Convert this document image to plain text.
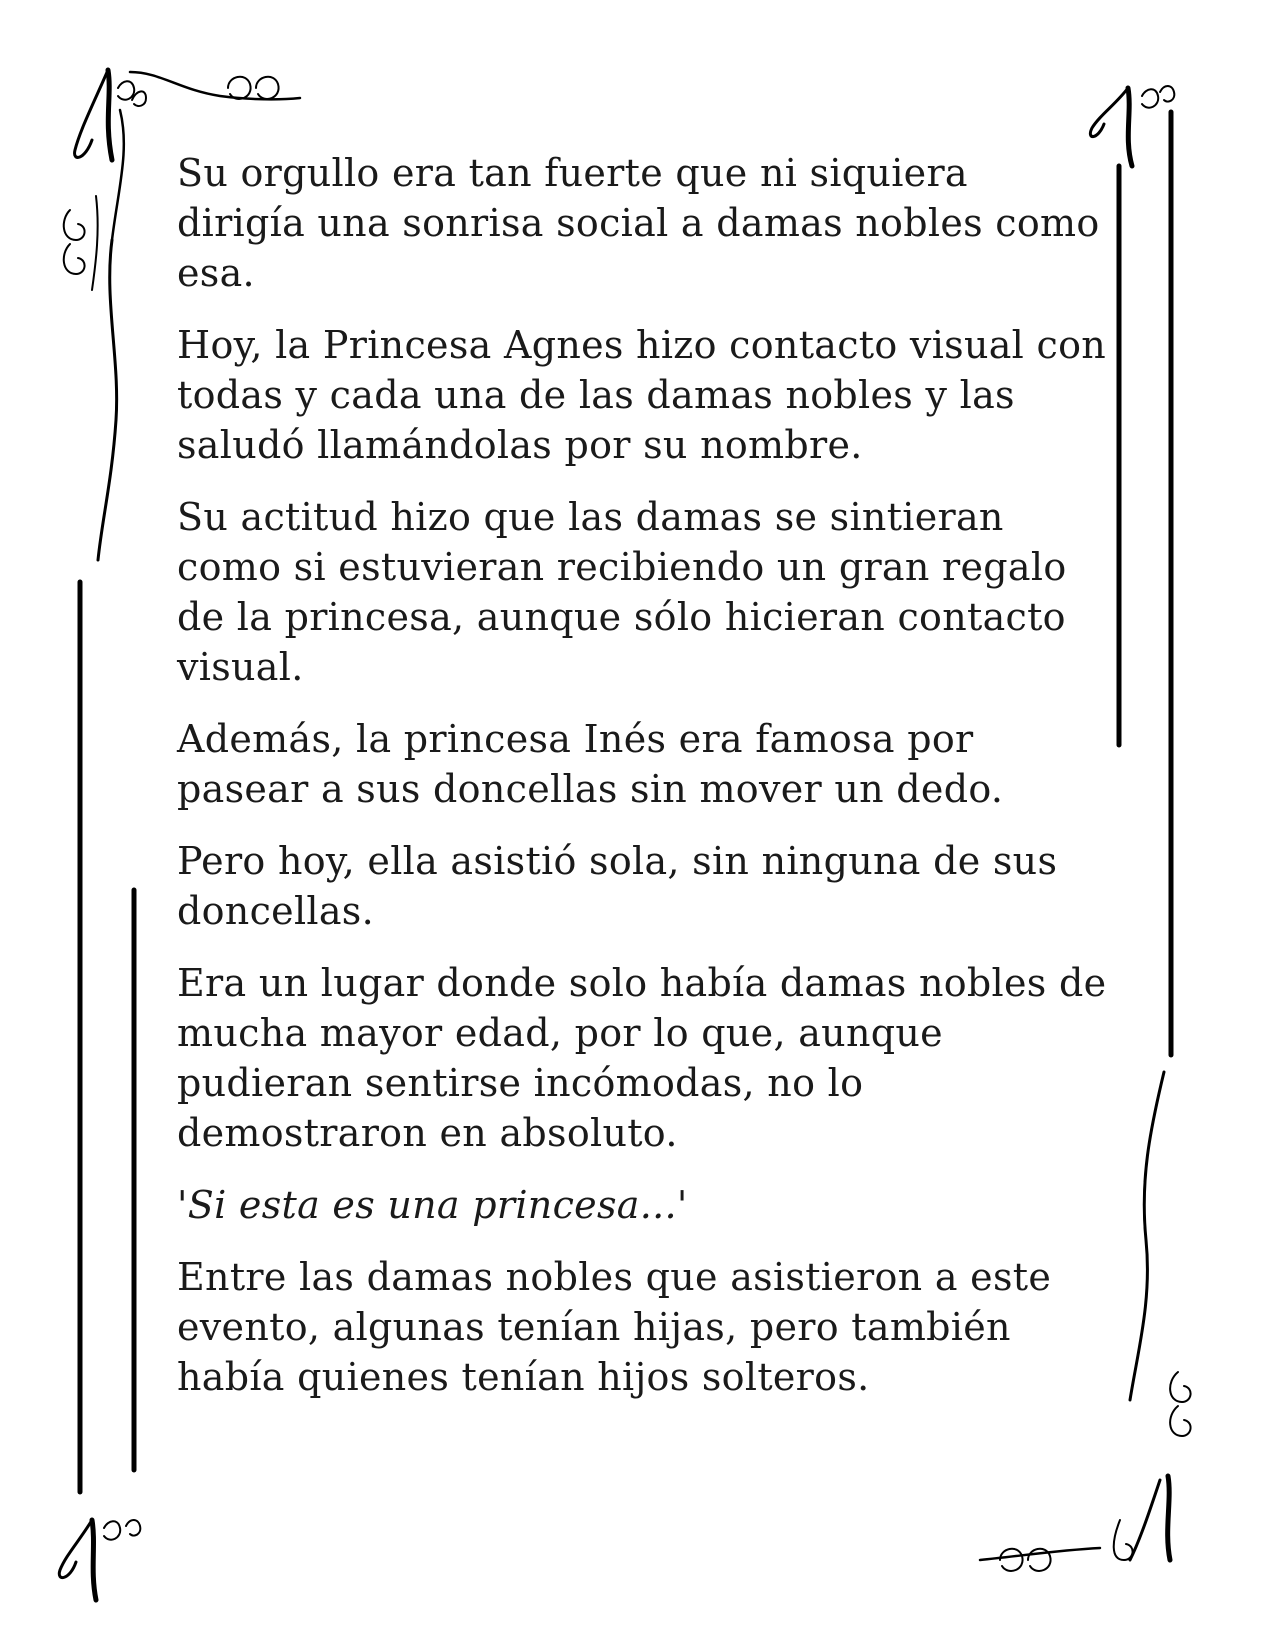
Su orgullo era tan fuerte que ni siquiera dirigía una sonrisa social a damas nobles como esa.

Hoy, la Princesa Agnes hizo contacto visual con todas y cada una de las damas nobles y las saludó llamándolas por su nombre.

Su actitud hizo que las damas se sintieran como si estuvieran recibiendo un gran regalo de la princesa, aunque sólo hicieran contacto visual.

Además, la princesa Inés era famosa por pasear a sus doncellas sin mover un dedo.

Pero hoy, ella asistió sola, sin ninguna de sus doncellas.

Era un lugar donde solo había damas nobles de mucha mayor edad, por lo que, aunque pudieran sentirse incómodas, no lo demostraron en absoluto.

'Si esta es una princesa...'

Entre las damas nobles que asistieron a este evento, algunas tenían hijas, pero también había quienes tenían hijos solteros.
